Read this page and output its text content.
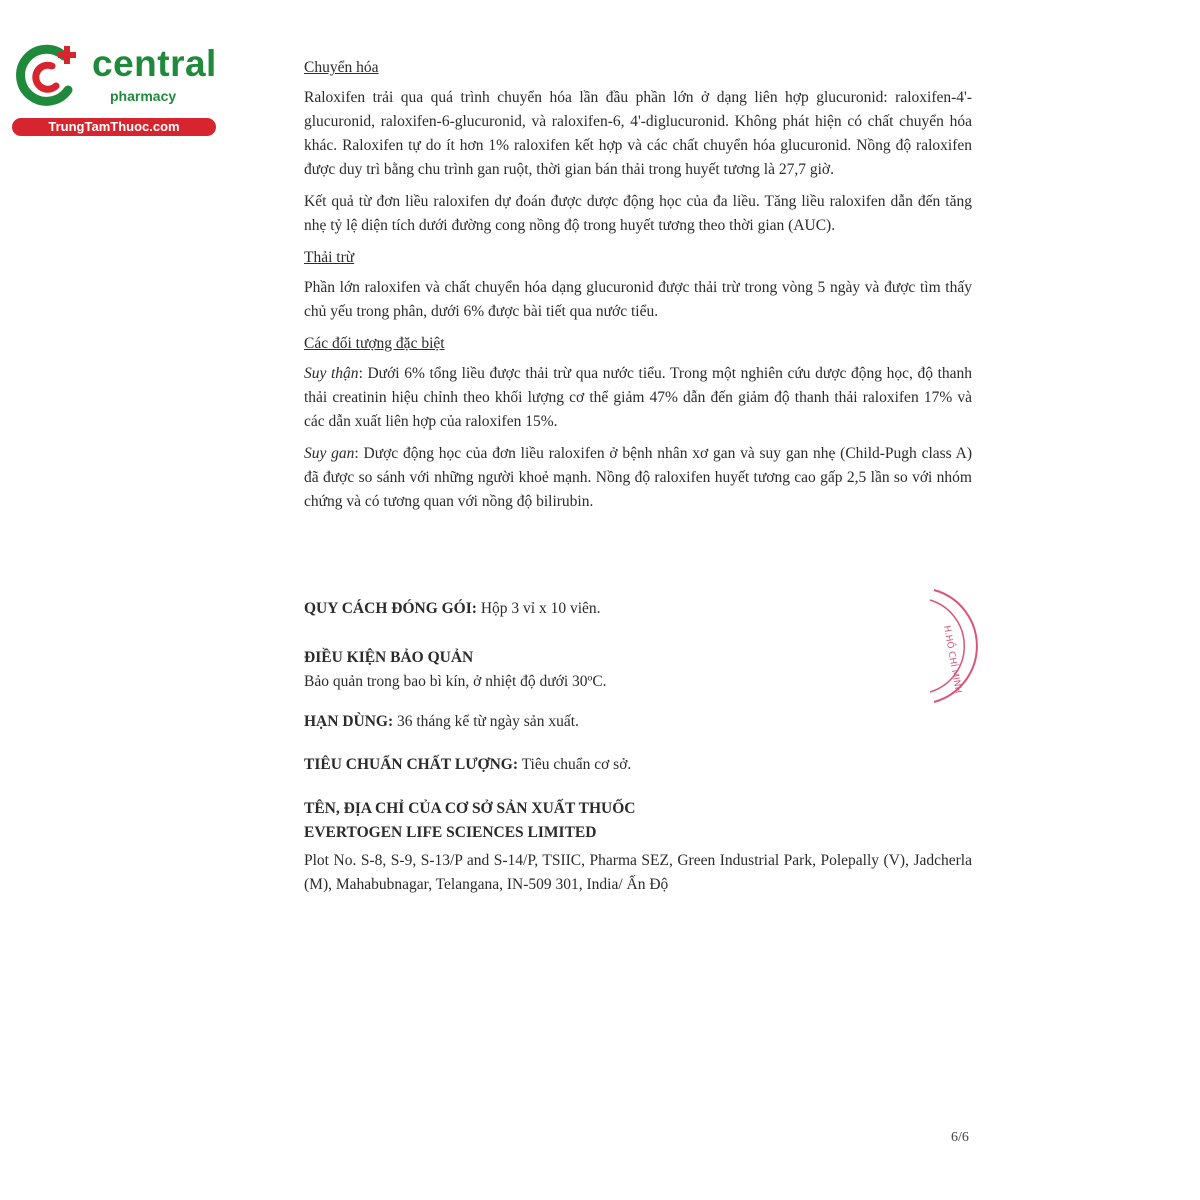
central
pharmacy
TrungTamThuoc.com
Chuyển hóa

Raloxifen trải qua quá trình chuyển hóa lần đầu phần lớn ở dạng liên hợp glucuronid: raloxifen-4'-glucuronid, raloxifen-6-glucuronid, và raloxifen-6, 4'-diglucuronid. Không phát hiện có chất chuyển hóa khác. Raloxifen tự do ít hơn 1% raloxifen kết hợp và các chất chuyển hóa glucuronid. Nồng độ raloxifen được duy trì bằng chu trình gan ruột, thời gian bán thải trong huyết tương là 27,7 giờ.

Kết quả từ đơn liều raloxifen dự đoán được dược động học của đa liều. Tăng liều raloxifen dẫn đến tăng nhẹ tỷ lệ diện tích dưới đường cong nồng độ trong huyết tương theo thời gian (AUC).

Thải trừ

Phần lớn raloxifen và chất chuyển hóa dạng glucuronid được thải trừ trong vòng 5 ngày và được tìm thấy chủ yếu trong phân, dưới 6% được bài tiết qua nước tiểu.

Các đối tượng đặc biệt

Suy thận: Dưới 6% tổng liều được thải trừ qua nước tiểu. Trong một nghiên cứu dược động học, độ thanh thải creatinin hiệu chỉnh theo khối lượng cơ thể giảm 47% dẫn đến giảm độ thanh thải raloxifen 17% và các dẫn xuất liên hợp của raloxifen 15%.

Suy gan: Dược động học của đơn liều raloxifen ở bệnh nhân xơ gan và suy gan nhẹ (Child-Pugh class A) đã được so sánh với những người khoẻ mạnh. Nồng độ raloxifen huyết tương cao gấp 2,5 lần so với nhóm chứng và có tương quan với nồng độ bilirubin.

QUY CÁCH ĐÓNG GÓI: Hộp 3 vỉ x 10 viên.
ĐIỀU KIỆN BẢO QUẢN
Bảo quản trong bao bì kín, ở nhiệt độ dưới 30ºC.
HẠN DÙNG: 36 tháng kể từ ngày sản xuất.
TIÊU CHUẨN CHẤT LƯỢNG: Tiêu chuẩn cơ sở.
TÊN, ĐỊA CHỈ CỦA CƠ SỞ SẢN XUẤT THUỐC
EVERTOGEN LIFE SCIENCES LIMITED
Plot No. S-8, S-9, S-13/P and S-14/P, TSIIC, Pharma SEZ, Green Industrial Park, Polepally (V), Jadcherla (M), Mahabubnagar, Telangana, IN-509 301, India/ Ấn Độ
H.HỒ CHÍ MINH
6/6
